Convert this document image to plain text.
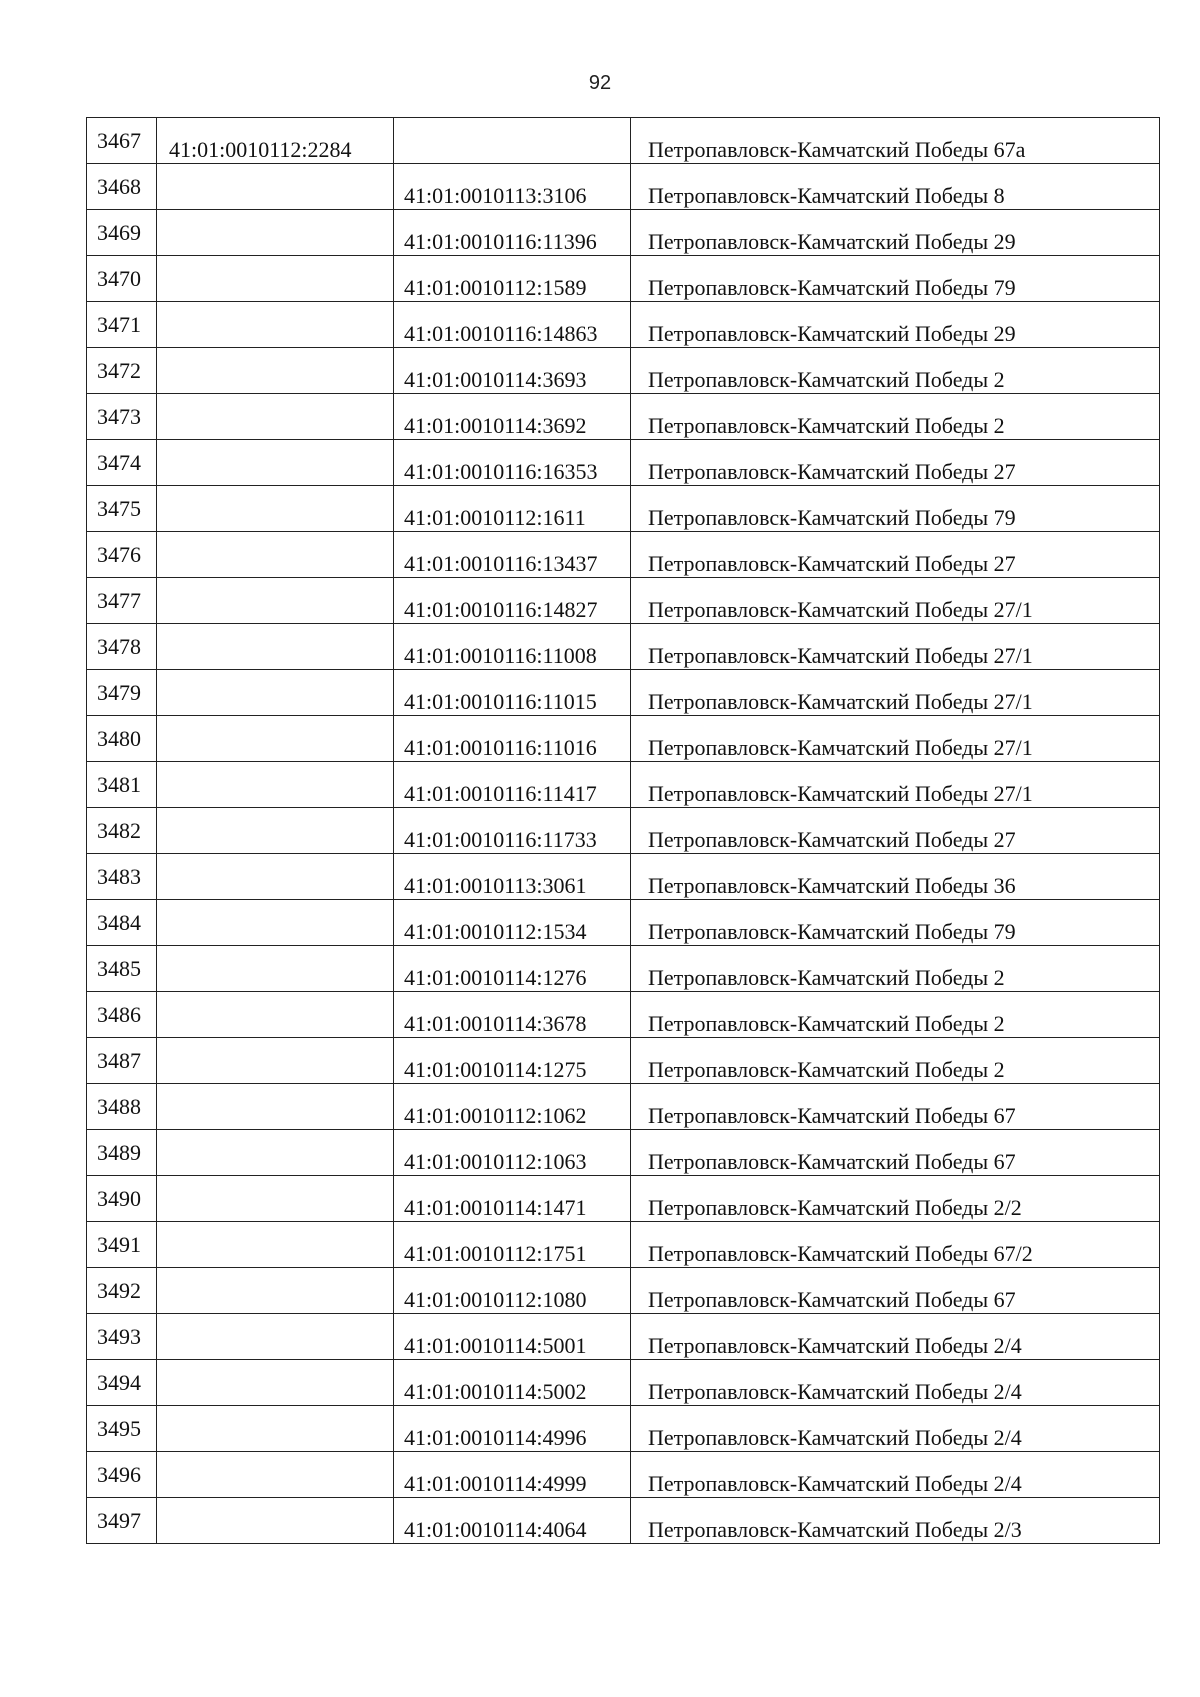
92
3467	41:01:0010112:2284		Петропавловск-Камчатский Победы 67а

3468		41:01:0010113:3106	Петропавловск-Камчатский Победы 8

3469		41:01:0010116:11396	Петропавловск-Камчатский Победы 29

3470		41:01:0010112:1589	Петропавловск-Камчатский Победы 79

3471		41:01:0010116:14863	Петропавловск-Камчатский Победы 29

3472		41:01:0010114:3693	Петропавловск-Камчатский Победы 2

3473		41:01:0010114:3692	Петропавловск-Камчатский Победы 2

3474		41:01:0010116:16353	Петропавловск-Камчатский Победы 27

3475		41:01:0010112:1611	Петропавловск-Камчатский Победы 79

3476		41:01:0010116:13437	Петропавловск-Камчатский Победы 27

3477		41:01:0010116:14827	Петропавловск-Камчатский Победы 27/1

3478		41:01:0010116:11008	Петропавловск-Камчатский Победы 27/1

3479		41:01:0010116:11015	Петропавловск-Камчатский Победы 27/1

3480		41:01:0010116:11016	Петропавловск-Камчатский Победы 27/1

3481		41:01:0010116:11417	Петропавловск-Камчатский Победы 27/1

3482		41:01:0010116:11733	Петропавловск-Камчатский Победы 27

3483		41:01:0010113:3061	Петропавловск-Камчатский Победы 36

3484		41:01:0010112:1534	Петропавловск-Камчатский Победы 79

3485		41:01:0010114:1276	Петропавловск-Камчатский Победы 2

3486		41:01:0010114:3678	Петропавловск-Камчатский Победы 2

3487		41:01:0010114:1275	Петропавловск-Камчатский Победы 2

3488		41:01:0010112:1062	Петропавловск-Камчатский Победы 67

3489		41:01:0010112:1063	Петропавловск-Камчатский Победы 67

3490		41:01:0010114:1471	Петропавловск-Камчатский Победы 2/2

3491		41:01:0010112:1751	Петропавловск-Камчатский Победы 67/2

3492		41:01:0010112:1080	Петропавловск-Камчатский Победы 67

3493		41:01:0010114:5001	Петропавловск-Камчатский Победы 2/4

3494		41:01:0010114:5002	Петропавловск-Камчатский Победы 2/4

3495		41:01:0010114:4996	Петропавловск-Камчатский Победы 2/4

3496		41:01:0010114:4999	Петропавловск-Камчатский Победы 2/4

3497		41:01:0010114:4064	Петропавловск-Камчатский Победы 2/3
